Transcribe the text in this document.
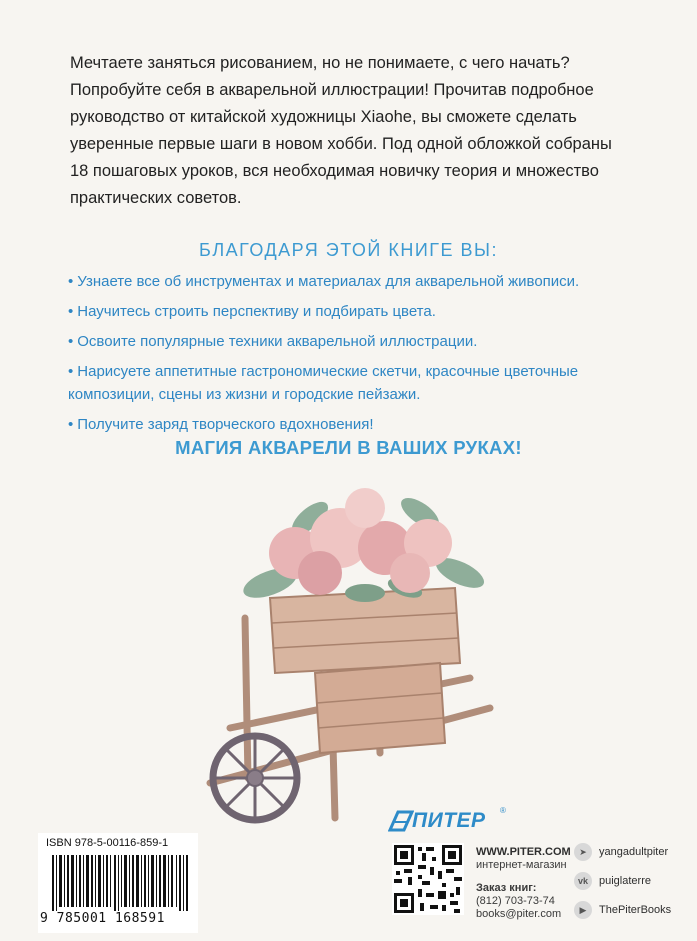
Мечтаете заняться рисованием, но не понимаете, с чего начать? Попробуйте себя в акварельной иллюстрации! Прочитав подробное руководство от китайской художницы Xiaohe, вы сможете сделать уверенные первые шаги в новом хобби. Под одной обложкой собраны 18 пошаговых уроков, вся необходимая новичку теория и множество практических советов.

БЛАГОДАРЯ ЭТОЙ КНИГЕ ВЫ:
• Узнаете все об инструментах и материалах для акварельной живописи.
• Научитесь строить перспективу и подбирать цвета.
• Освоите популярные техники акварельной иллюстрации.
• Нарисуете аппетитные гастрономические скетчи, красочные цветочные композиции, сцены из жизни и городские пейзажи.
• Получите заряд творческого вдохновения!
МАГИЯ АКВАРЕЛИ В ВАШИХ РУКАХ!
ISBN 978-5-00116-859-1
9 785001 168591
ПИТЕР ®
WWW.PITER.COM
интернет-магазин
Заказ книг:
(812) 703-73-74
books@piter.com
➤	yangadultpiter
vk	puiglaterre
▶	ThePiterBooks
